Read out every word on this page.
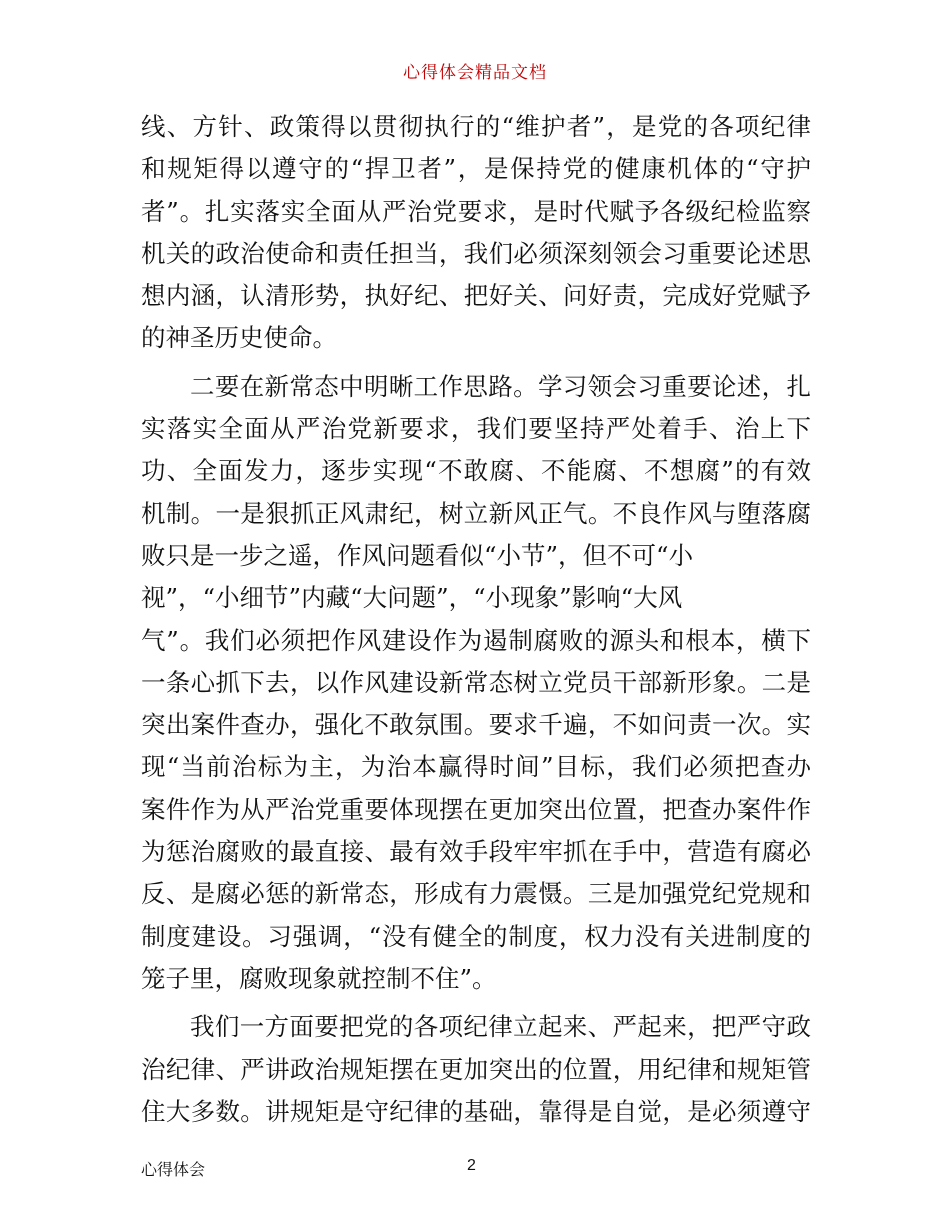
心得体会精品文档
线、方针、政策得以贯彻执行的“维护者”，是党的各项纪律
和规矩得以遵守的“捍卫者”，是保持党的健康机体的“守护
者”。扎实落实全面从严治党要求，是时代赋予各级纪检监察
机关的政治使命和责任担当，我们必须深刻领会习重要论述思
想内涵，认清形势，执好纪、把好关、问好责，完成好党赋予
的神圣历史使命。
二要在新常态中明晰工作思路。学习领会习重要论述，扎
实落实全面从严治党新要求，我们要坚持严处着手、治上下
功、全面发力，逐步实现“不敢腐、不能腐、不想腐”的有效
机制。一是狠抓正风肃纪，树立新风正气。不良作风与堕落腐
败只是一步之遥，作风问题看似“小节”，但不可“小
视”，“小细节”内藏“大问题”，“小现象”影响“大风
气”。我们必须把作风建设作为遏制腐败的源头和根本，横下
一条心抓下去，以作风建设新常态树立党员干部新形象。二是
突出案件查办，强化不敢氛围。要求千遍，不如问责一次。实
现“当前治标为主，为治本赢得时间”目标，我们必须把查办
案件作为从严治党重要体现摆在更加突出位置，把查办案件作
为惩治腐败的最直接、最有效手段牢牢抓在手中，营造有腐必
反、是腐必惩的新常态，形成有力震慑。三是加强党纪党规和
制度建设。习强调，“没有健全的制度，权力没有关进制度的
笼子里，腐败现象就控制不住”。
我们一方面要把党的各项纪律立起来、严起来，把严守政
治纪律、严讲政治规矩摆在更加突出的位置，用纪律和规矩管
住大多数。讲规矩是守纪律的基础，靠得是自觉，是必须遵守
心得体会	2
